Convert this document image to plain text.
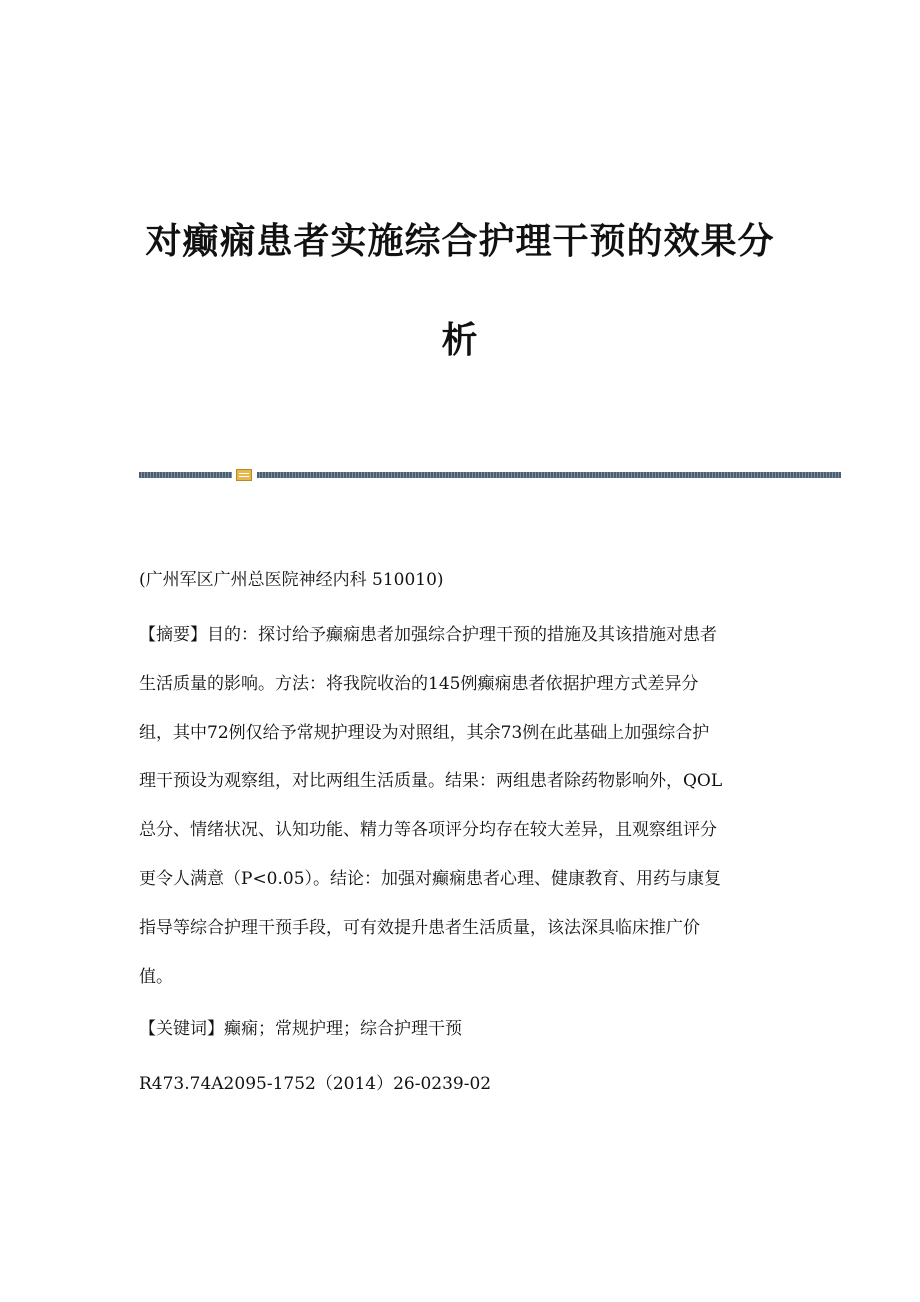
对癫痫患者实施综合护理干预的效果分
析
(广州军区广州总医院神经内科 510010)
【摘要】目的：探讨给予癫痫患者加强综合护理干预的措施及其该措施对患者
生活质量的影响。方法：将我院收治的145例癫痫患者依据护理方式差异分
组，其中72例仅给予常规护理设为对照组，其余73例在此基础上加强综合护
理干预设为观察组，对比两组生活质量。结果：两组患者除药物影响外，QOL
总分、情绪状况、认知功能、精力等各项评分均存在较大差异，且观察组评分
更令人满意（P<0.05）。结论：加强对癫痫患者心理、健康教育、用药与康复
指导等综合护理干预手段，可有效提升患者生活质量，该法深具临床推广价
值。
【关键词】癫痫；常规护理；综合护理干预
R473.74A2095-1752（2014）26-0239-02
